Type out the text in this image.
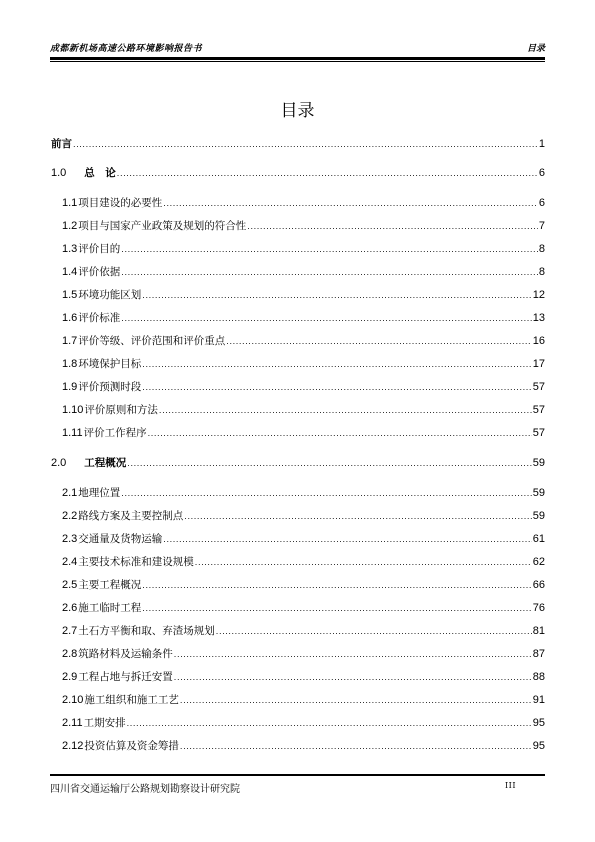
成都新机场高速公路环境影响报告书	目录
目录
前言 .....	1
1.0 总　论 .....	6
1.1 项目建设的必要性 .....	6
1.2 项目与国家产业政策及规划的符合性 .....	7
1.3 评价目的 .....	8
1.4 评价依据 .....	8
1.5 环境功能区划 .....	12
1.6 评价标准 .....	13
1.7 评价等级、评价范围和评价重点 .....	16
1.8 环境保护目标 .....	17
1.9 评价预测时段 .....	57
1.10 评价原则和方法 .....	57
1.11 评价工作程序 .....	57
2.0 工程概况 .....	59
2.1 地理位置 .....	59
2.2 路线方案及主要控制点 .....	59
2.3 交通量及货物运输 .....	61
2.4 主要技术标准和建设规模 .....	62
2.5 主要工程概况 .....	66
2.6 施工临时工程 .....	76
2.7 土石方平衡和取、弃渣场规划 .....	81
2.8 筑路材料及运输条件 .....	87
2.9 工程占地与拆迁安置 .....	88
2.10 施工组织和施工工艺 .....	91
2.11 工期安排 .....	95
2.12 投资估算及资金筹措 .....	95
四川省交通运输厅公路规划勘察设计研究院	III
